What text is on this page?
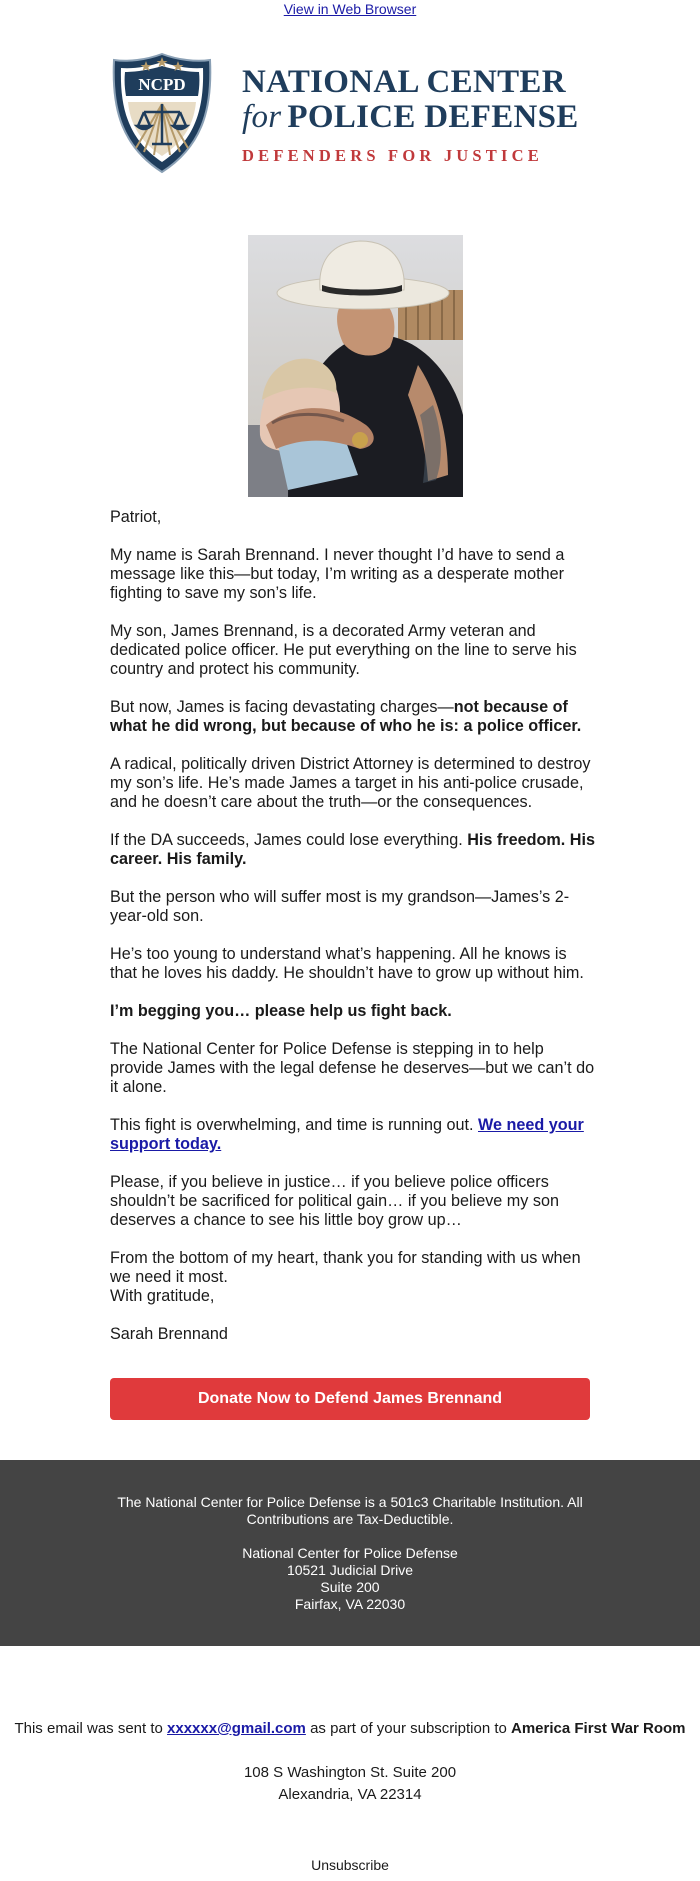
View in Web Browser
NCPD NATIONAL CENTER
for POLICE DEFENSE
DEFENDERS FOR JUSTICE

Patriot,

My name is Sarah Brennand. I never thought I’d have to send a message like this—but today, I’m writing as a desperate mother fighting to save my son’s life.

My son, James Brennand, is a decorated Army veteran and dedicated police officer. He put everything on the line to serve his country and protect his community.

But now, James is facing devastating charges—not because of what he did wrong, but because of who he is: a police officer.

A radical, politically driven District Attorney is determined to destroy my son’s life. He’s made James a target in his anti-police crusade, and he doesn’t care about the truth—or the consequences.

If the DA succeeds, James could lose everything. His freedom. His career. His family.

But the person who will suffer most is my grandson—James’s 2-year-old son.

He’s too young to understand what’s happening. All he knows is that he loves his daddy. He shouldn’t have to grow up without him.

I’m begging you… please help us fight back.

The National Center for Police Defense is stepping in to help provide James with the legal defense he deserves—but we can’t do it alone.

This fight is overwhelming, and time is running out. We need your support today.

Please, if you believe in justice… if you believe police officers shouldn’t be sacrificed for political gain… if you believe my son deserves a chance to see his little boy grow up…

From the bottom of my heart, thank you for standing with us when we need it most.

With gratitude,

Sarah Brennand

Donate Now to Defend James Brennand

The National Center for Police Defense is a 501c3 Charitable Institution. All Contributions are Tax-Deductible.

National Center for Police Defense

10521 Judicial Drive

Suite 200

Fairfax, VA 22030

This email was sent to xxxxxx@gmail.com as part of your subscription to America First War Room

108 S Washington St. Suite 200

Alexandria, VA 22314

Unsubscribe
